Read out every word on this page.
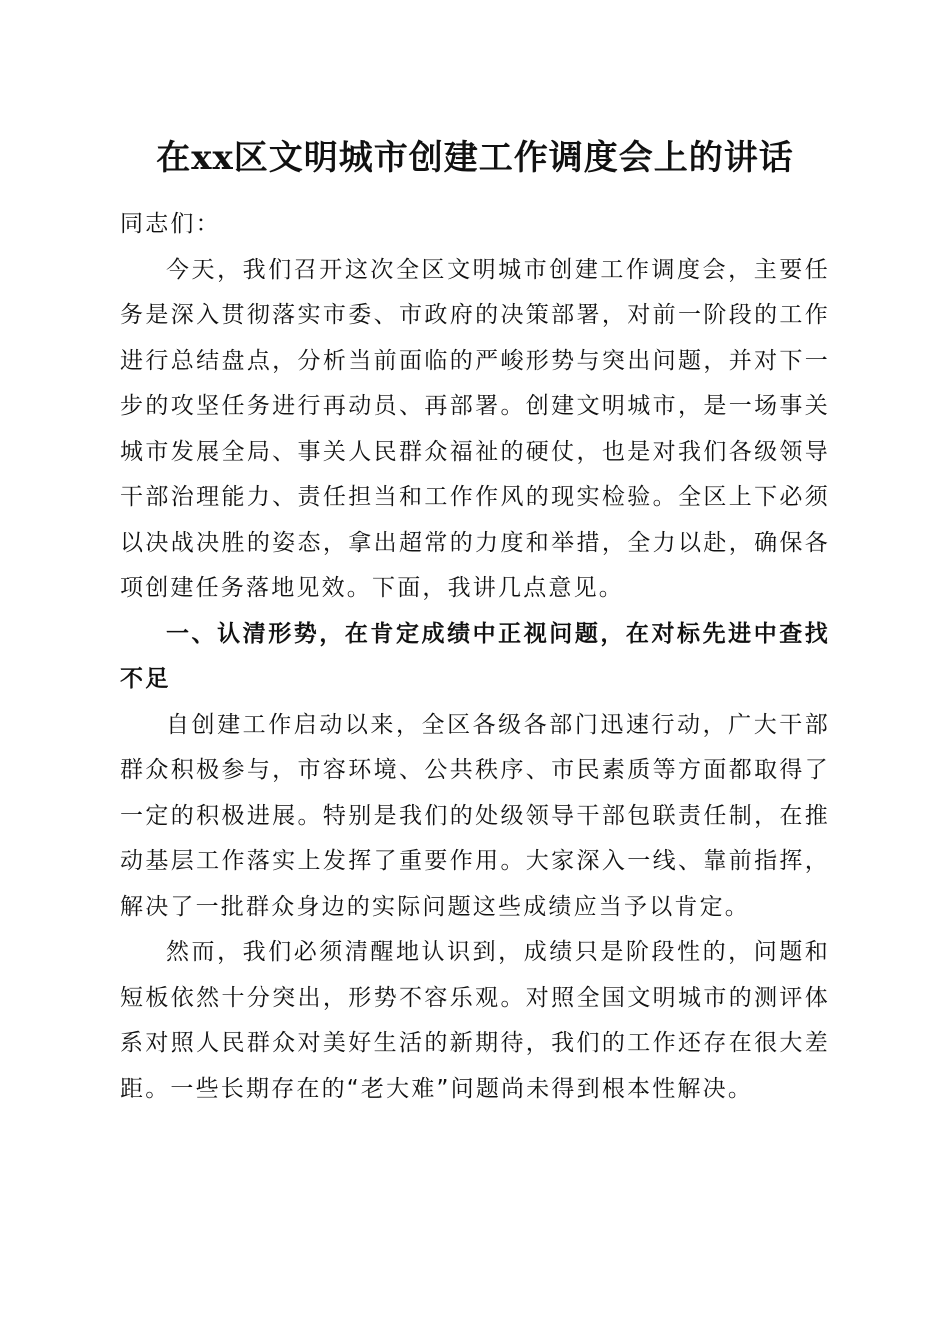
在xx区文明城市创建工作调度会上的讲话

同志们：

今天，我们召开这次全区文明城市创建工作调度会，主要任务是深入贯彻落实市委、市政府的决策部署，对前一阶段的工作进行总结盘点，分析当前面临的严峻形势与突出问题，并对下一步的攻坚任务进行再动员、再部署。创建文明城市，是一场事关城市发展全局、事关人民群众福祉的硬仗，也是对我们各级领导干部治理能力、责任担当和工作作风的现实检验。全区上下必须以决战决胜的姿态，拿出超常的力度和举措，全力以赴，确保各项创建任务落地见效。下面，我讲几点意见。

一、认清形势，在肯定成绩中正视问题，在对标先进中查找不足

自创建工作启动以来，全区各级各部门迅速行动，广大干部群众积极参与，市容环境、公共秩序、市民素质等方面都取得了一定的积极进展。特别是我们的处级领导干部包联责任制，在推动基层工作落实上发挥了重要作用。大家深入一线、靠前指挥，解决了一批群众身边的实际问题这些成绩应当予以肯定。

然而，我们必须清醒地认识到，成绩只是阶段性的，问题和短板依然十分突出，形势不容乐观。对照全国文明城市的测评体系对照人民群众对美好生活的新期待，我们的工作还存在很大差距。一些长期存在的“老大难”问题尚未得到根本性解决。
